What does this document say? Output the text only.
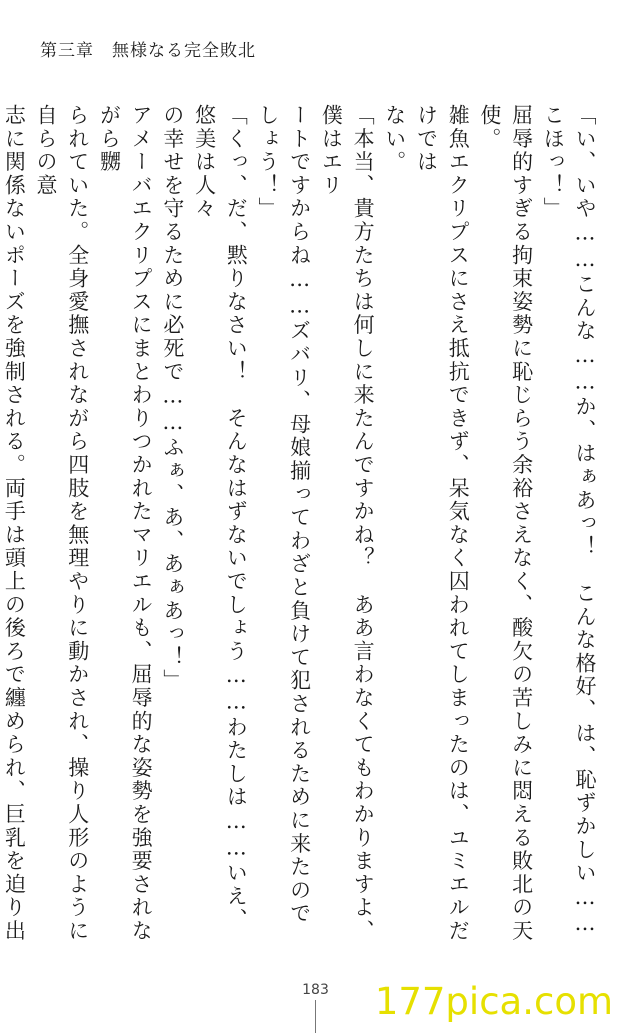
第三章　無様なる完全敗北

「い、いや……こんな……か、はぁあっ！　こんな格好、は、恥ずかしい……こほっ！」

屈辱的すぎる拘束姿勢に恥じらう余裕さえなく、酸欠の苦しみに悶える敗北の天使。

雑魚エクリプスにさえ抵抗できず、呆気なく囚われてしまったのは、ユミエルだけでは

ない。

「本当、貴方たちは何しに来たんですかね？　ああ言わなくてもわかりますよ、僕はエリ

ートですからね……ズバリ、母娘揃ってわざと負けて犯されるために来たのでしょう！」

「くっ、だ、黙りなさい！　そんなはずないでしょう……わたしは……いえ、悠美は人々

の幸せを守るために必死で……ふぁ、あ、あぁあっ！」

アメーバエクリプスにまとわりつかれたマリエルも、屈辱的な姿勢を強要されながら嬲

られていた。全身愛撫されながら四肢を無理やりに動かされ、操り人形のように自らの意

志に関係ないポーズを強制される。両手は頭上の後ろで纏められ、巨乳を迫り出

183	177pica.com
